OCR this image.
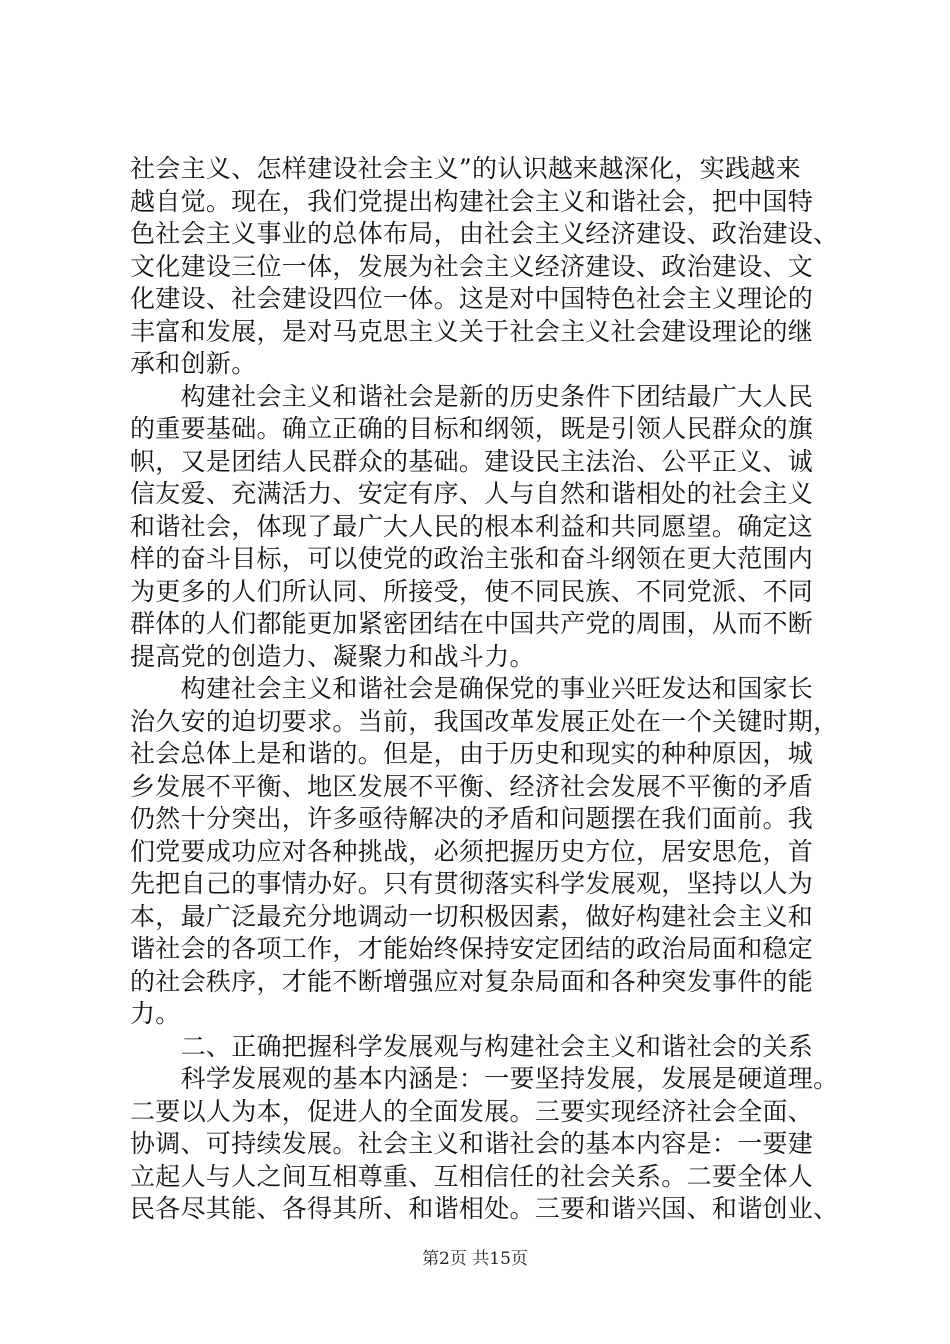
社会主义、怎样建设社会主义”的认识越来越深化，实践越来
越自觉。现在，我们党提出构建社会主义和谐社会，把中国特
色社会主义事业的总体布局，由社会主义经济建设、政治建设、
文化建设三位一体，发展为社会主义经济建设、政治建设、文
化建设、社会建设四位一体。这是对中国特色社会主义理论的
丰富和发展，是对马克思主义关于社会主义社会建设理论的继
承和创新。
　　构建社会主义和谐社会是新的历史条件下团结最广大人民
的重要基础。确立正确的目标和纲领，既是引领人民群众的旗
帜，又是团结人民群众的基础。建设民主法治、公平正义、诚
信友爱、充满活力、安定有序、人与自然和谐相处的社会主义
和谐社会，体现了最广大人民的根本利益和共同愿望。确定这
样的奋斗目标，可以使党的政治主张和奋斗纲领在更大范围内
为更多的人们所认同、所接受，使不同民族、不同党派、不同
群体的人们都能更加紧密团结在中国共产党的周围，从而不断
提高党的创造力、凝聚力和战斗力。
　　构建社会主义和谐社会是确保党的事业兴旺发达和国家长
治久安的迫切要求。当前，我国改革发展正处在一个关键时期，
社会总体上是和谐的。但是，由于历史和现实的种种原因，城
乡发展不平衡、地区发展不平衡、经济社会发展不平衡的矛盾
仍然十分突出，许多亟待解决的矛盾和问题摆在我们面前。我
们党要成功应对各种挑战，必须把握历史方位，居安思危，首
先把自己的事情办好。只有贯彻落实科学发展观，坚持以人为
本，最广泛最充分地调动一切积极因素，做好构建社会主义和
谐社会的各项工作，才能始终保持安定团结的政治局面和稳定
的社会秩序，才能不断增强应对复杂局面和各种突发事件的能
力。
　　二、正确把握科学发展观与构建社会主义和谐社会的关系
　　科学发展观的基本内涵是：一要坚持发展，发展是硬道理。
二要以人为本，促进人的全面发展。三要实现经济社会全面、
协调、可持续发展。社会主义和谐社会的基本内容是：一要建
立起人与人之间互相尊重、互相信任的社会关系。二要全体人
民各尽其能、各得其所、和谐相处。三要和谐兴国、和谐创业、
第2页 共15页
